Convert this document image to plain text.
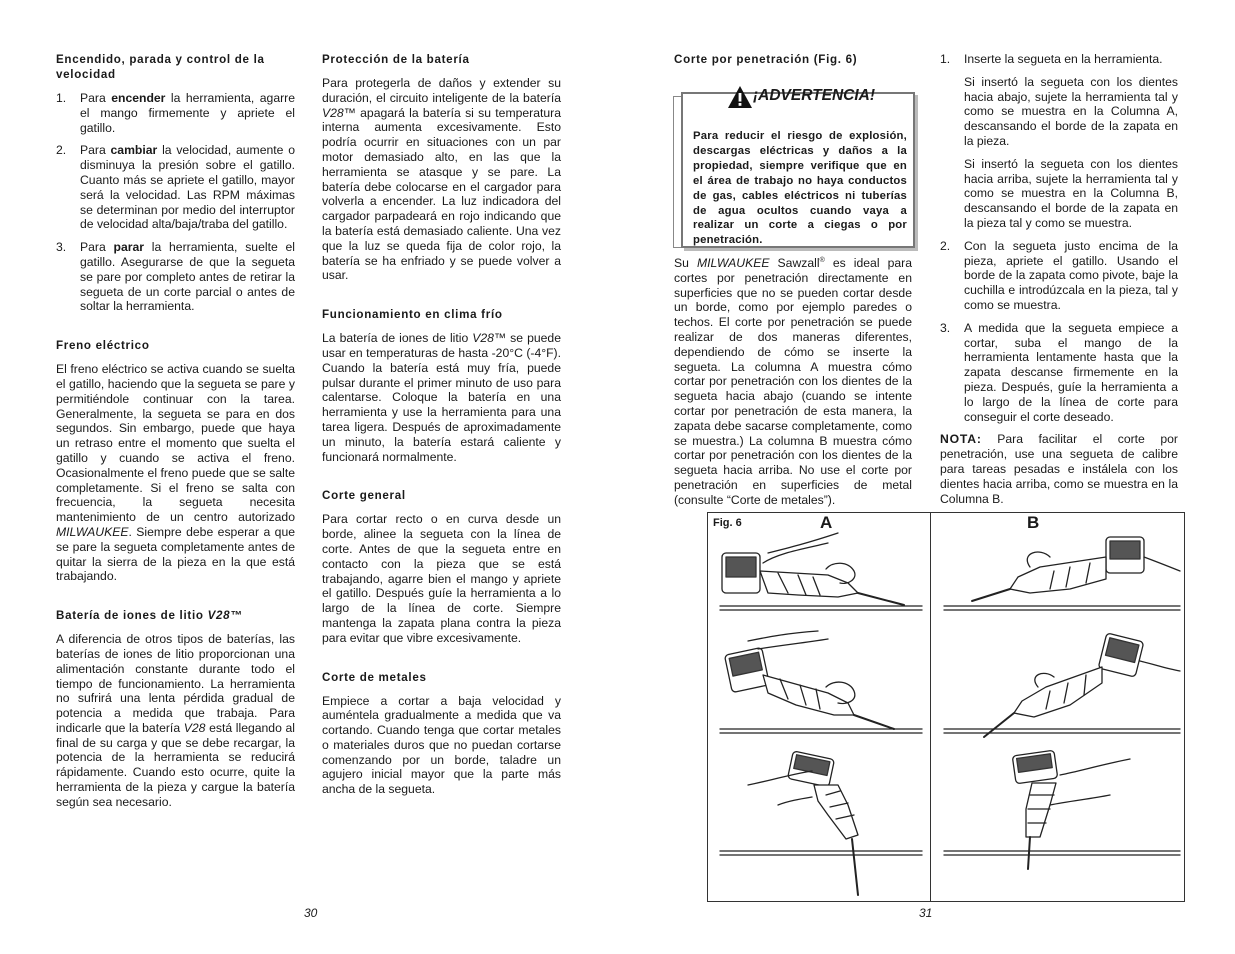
Encendido, parada y control de la velocidad
1. Para encender la herramienta, agarre el mango firmemente y apriete el gatillo.
2. Para cambiar la velocidad, aumente o disminuya la presión sobre el gatillo. Cuanto más se apriete el gatillo, mayor será la velocidad. Las RPM máximas se determinan por medio del interruptor de velocidad alta/baja/traba del gatillo.
3. Para parar la herramienta, suelte el gatillo. Asegurarse de que la segueta se pare por completo antes de retirar la segueta de un corte parcial o antes de soltar la herramienta.
Freno eléctrico

El freno eléctrico se activa cuando se suelta el gatillo, haciendo que la segueta se pare y permitiéndole continuar con la tarea. Generalmente, la segueta se para en dos segundos. Sin embargo, puede que haya un retraso entre el momento que suelta el gatillo y cuando se activa el freno. Ocasionalmente el freno puede que se salte completamente. Si el freno se salta con frecuencia, la segueta necesita mantenimiento de un centro autorizado MILWAUKEE. Siempre debe esperar a que se pare la segueta completamente antes de quitar la sierra de la pieza en la que está trabajando.

Batería de iones de litio V28™

A diferencia de otros tipos de baterías, las baterías de iones de litio proporcionan una alimentación constante durante todo el tiempo de funcionamiento. La herramienta no sufrirá una lenta pérdida gradual de potencia a medida que trabaja. Para indicarle que la batería V28 está llegando al final de su carga y que se debe recargar, la potencia de la herramienta se reducirá rápidamente. Cuando esto ocurre, quite la herramienta de la pieza y cargue la batería según sea necesario.

Protección de la batería

Para protegerla de daños y extender su duración, el circuito inteligente de la batería V28™ apagará la batería si su temperatura interna aumenta excesivamente. Esto podría ocurrir en situaciones con un par motor demasiado alto, en las que la herramienta se atasque y se pare. La batería debe colocarse en el cargador para volverla a encender. La luz indicadora del cargador parpadeará en rojo indicando que la batería está demasiado caliente. Una vez que la luz se queda fija de color rojo, la batería se ha enfriado y se puede volver a usar.

Funcionamiento en clima frío

La batería de iones de litio V28™ se puede usar en temperaturas de hasta -20°C (-4°F). Cuando la batería está muy fría, puede pulsar durante el primer minuto de uso para calentarse. Coloque la batería en una herramienta y use la herramienta para una tarea ligera. Después de aproximadamente un minuto, la batería estará caliente y funcionará normalmente.

Corte general

Para cortar recto o en curva desde un borde, alinee la segueta con la línea de corte. Antes de que la segueta entre en contacto con la pieza que se está trabajando, agarre bien el mango y apriete el gatillo. Después guíe la herramienta a lo largo de la línea de corte. Siempre mantenga la zapata plana contra la pieza para evitar que vibre excesivamente.

Corte de metales

Empiece a cortar a baja velocidad y auméntela gradualmente a medida que va cortando. Cuando tenga que cortar metales o materiales duros que no puedan cortarse comenzando por un borde, taladre un agujero inicial mayor que la parte más ancha de la segueta.

30
Corte por penetración (Fig. 6)
Para reducir el riesgo de explosión, descargas eléctricas y daños a la propiedad, siempre verifique que en el área de trabajo no haya conductos de gas, cables eléctricos ni tuberías de agua ocultos cuando vaya a realizar un corte a ciegas o por penetración.
¡ADVERTENCIA!

Su MILWAUKEE Sawzall® es ideal para cortes por penetración directamente en superficies que no se pueden cortar desde un borde, como por ejemplo paredes o techos. El corte por penetración se puede realizar de dos maneras diferentes, dependiendo de cómo se inserte la segueta. La columna A muestra cómo cortar por penetración con los dientes de la segueta hacia abajo (cuando se intente cortar por penetración de esta manera, la zapata debe sacarse completamente, como se muestra.) La columna B muestra cómo cortar por penetración con los dientes de la segueta hacia arriba. No use el corte por penetración en superficies de metal (consulte “Corte de metales”).

1. Inserte la segueta en la herramienta.

Si insertó la segueta con los dientes hacia abajo, sujete la herramienta tal y como se muestra en la Columna A, descansando el borde de la zapata en la pieza.

Si insertó la segueta con los dientes hacia arriba, sujete la herramienta tal y como se muestra en la Columna B, descansando el borde de la zapata en la pieza tal y como se muestra.

2. Con la segueta justo encima de la pieza, apriete el gatillo. Usando el borde de la zapata como pivote, baje la cuchilla e introdúzcala en la pieza, tal y como se muestra.
3. A medida que la segueta empiece a cortar, suba el mango de la herramienta lentamente hasta que la zapata descanse firmemente en la pieza. Después, guíe la herramienta a lo largo de la línea de corte para conseguir el corte deseado.

NOTA: Para facilitar el corte por penetración, use una segueta de calibre para tareas pesadas e instálela con los dientes hacia arriba, como se muestra en la Columna B.

Fig. 6	A	B
31
